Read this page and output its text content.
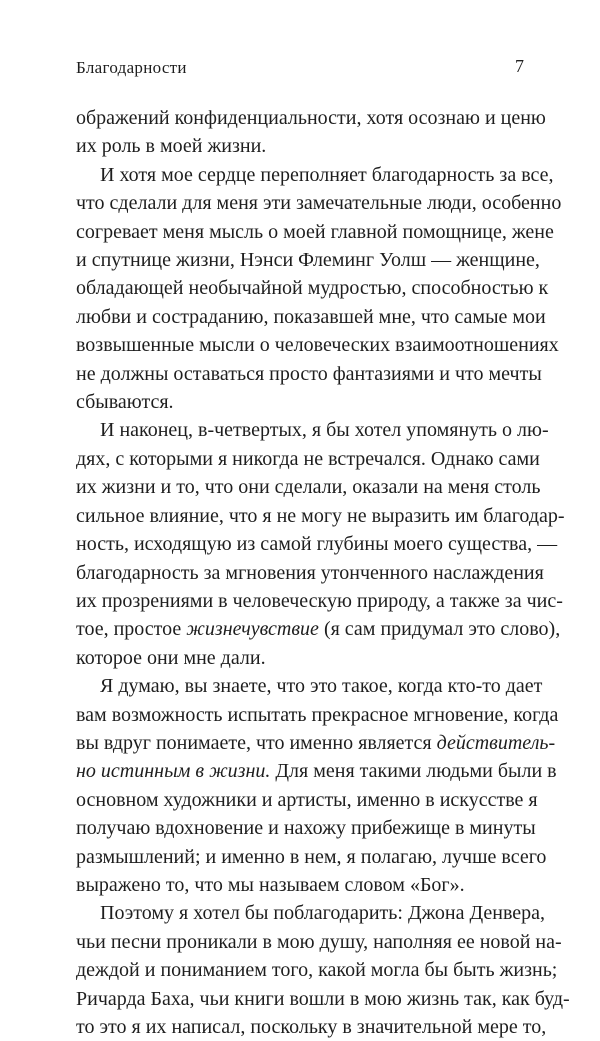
Благодарности	7
ображений конфиденциальности, хотя осознаю и ценю
их роль в моей жизни.
И хотя мое сердце переполняет благодарность за все,
что сделали для меня эти замечательные люди, особенно
согревает меня мысль о моей главной помощнице, жене
и спутнице жизни, Нэнси Флеминг Уолш — женщине,
обладающей необычайной мудростью, способностью к
любви и состраданию, показавшей мне, что самые мои
возвышенные мысли о человеческих взаимоотношениях
не должны оставаться просто фантазиями и что мечты
сбываются.
И наконец, в-четвертых, я бы хотел упомянуть о лю-
дях, с которыми я никогда не встречался. Однако сами
их жизни и то, что они сделали, оказали на меня столь
сильное влияние, что я не могу не выразить им благодар-
ность, исходящую из самой глубины моего существа, —
благодарность за мгновения утонченного наслаждения
их прозрениями в человеческую природу, а также за чис-
тое, простое жизнечувствие (я сам придумал это слово),
которое они мне дали.
Я думаю, вы знаете, что это такое, когда кто-то дает
вам возможность испытать прекрасное мгновение, когда
вы вдруг понимаете, что именно является действитель-
но истинным в жизни. Для меня такими людьми были в
основном художники и артисты, именно в искусстве я
получаю вдохновение и нахожу прибежище в минуты
размышлений; и именно в нем, я полагаю, лучше всего
выражено то, что мы называем словом «Бог».
Поэтому я хотел бы поблагодарить: Джона Денвера,
чьи песни проникали в мою душу, наполняя ее новой на-
деждой и пониманием того, какой могла бы быть жизнь;
Ричарда Баха, чьи книги вошли в мою жизнь так, как буд-
то это я их написал, поскольку в значительной мере то,
